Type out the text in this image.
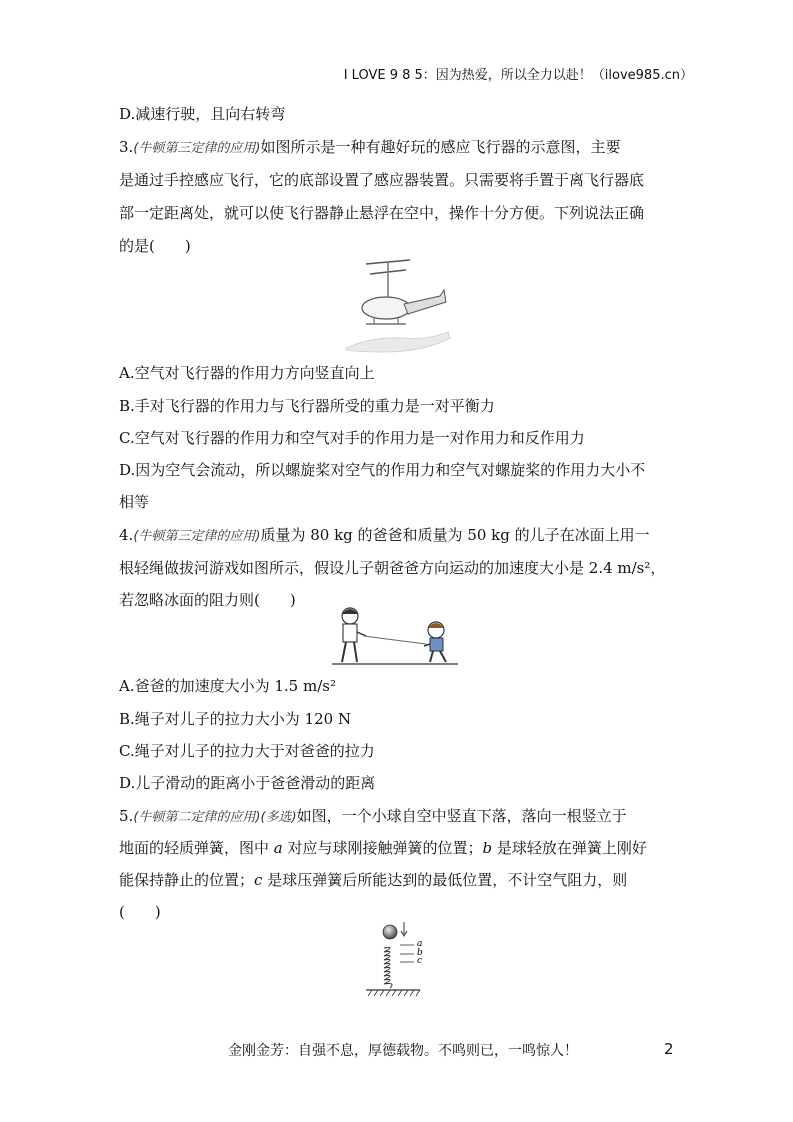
I LOVE 9 8 5：因为热爱，所以全力以赴！（ilove985.cn）
D.减速行驶，且向右转弯
3.(牛顿第三定律的应用)如图所示是一种有趣好玩的感应飞行器的示意图，主要
是通过手控感应飞行，它的底部设置了感应器装置。只需要将手置于离飞行器底
部一定距离处，就可以使飞行器静止悬浮在空中，操作十分方便。下列说法正确
的是(　　)
A.空气对飞行器的作用力方向竖直向上
B.手对飞行器的作用力与飞行器所受的重力是一对平衡力
C.空气对飞行器的作用力和空气对手的作用力是一对作用力和反作用力
D.因为空气会流动，所以螺旋桨对空气的作用力和空气对螺旋桨的作用力大小不
相等
4.(牛顿第三定律的应用)质量为 80 kg 的爸爸和质量为 50 kg 的儿子在冰面上用一
根轻绳做拔河游戏如图所示，假设儿子朝爸爸方向运动的加速度大小是 2.4 m/s²，
若忽略冰面的阻力则(　　)
A.爸爸的加速度大小为 1.5 m/s²
B.绳子对儿子的拉力大小为 120 N
C.绳子对儿子的拉力大于对爸爸的拉力
D.儿子滑动的距离小于爸爸滑动的距离
5.(牛顿第二定律的应用)(多选)如图，一个小球自空中竖直下落，落向一根竖立于
地面的轻质弹簧，图中 a 对应与球刚接触弹簧的位置；b 是球轻放在弹簧上刚好
能保持静止的位置；c 是球压弹簧后所能达到的最低位置，不计空气阻力，则
(　　)
a
b
c
金刚金芳：自强不息，厚德载物。不鸣则已，一鸣惊人！	2
